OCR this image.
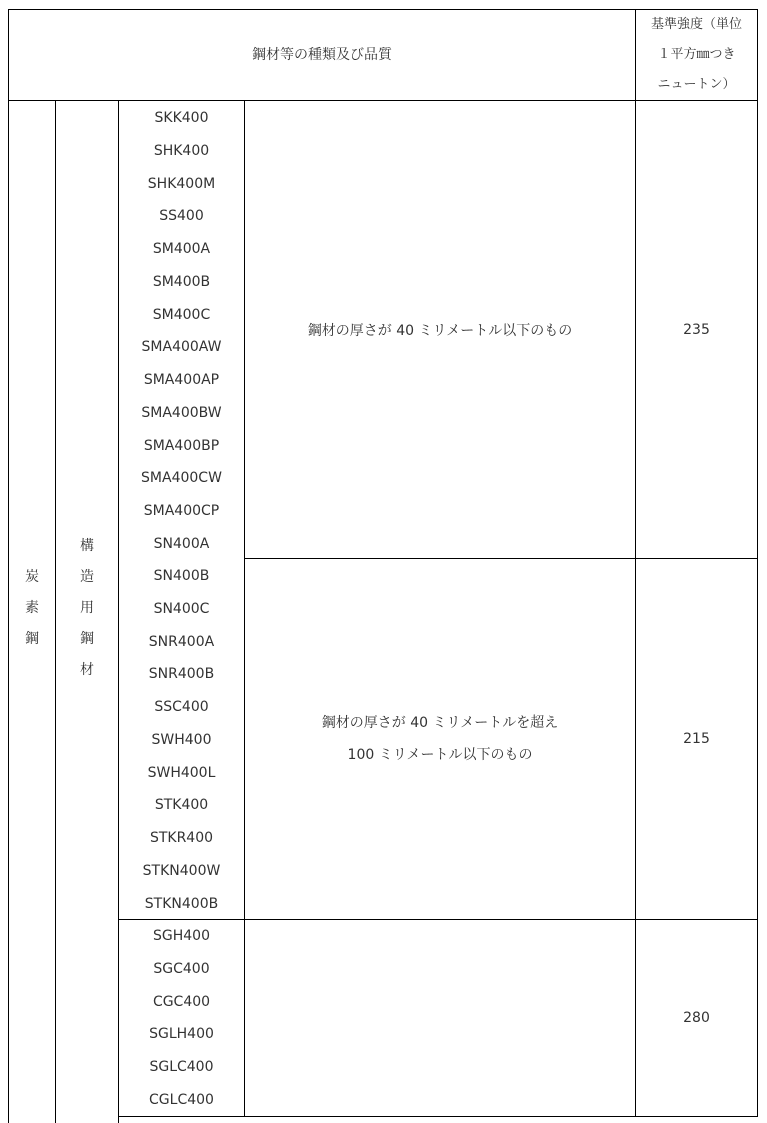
鋼材等の種類及び品質
基準強度（単位
１平方㎜つき
ニュートン）
炭
素
鋼
構
造
用
鋼
材
SKK400
SHK400
SHK400M
SS400
SM400A
SM400B
SM400C
SMA400AW
SMA400AP
SMA400BW
SMA400BP
SMA400CW
SMA400CP
SN400A
SN400B
SN400C
SNR400A
SNR400B
SSC400
SWH400
SWH400L
STK400
STKR400
STKN400W
STKN400B
SGH400
SGC400
CGC400
SGLH400
SGLC400
CGLC400
鋼材の厚さが 40 ミリメートル以下のもの
鋼材の厚さが 40 ミリメートルを超え
100 ミリメートル以下のもの
235
215
280
